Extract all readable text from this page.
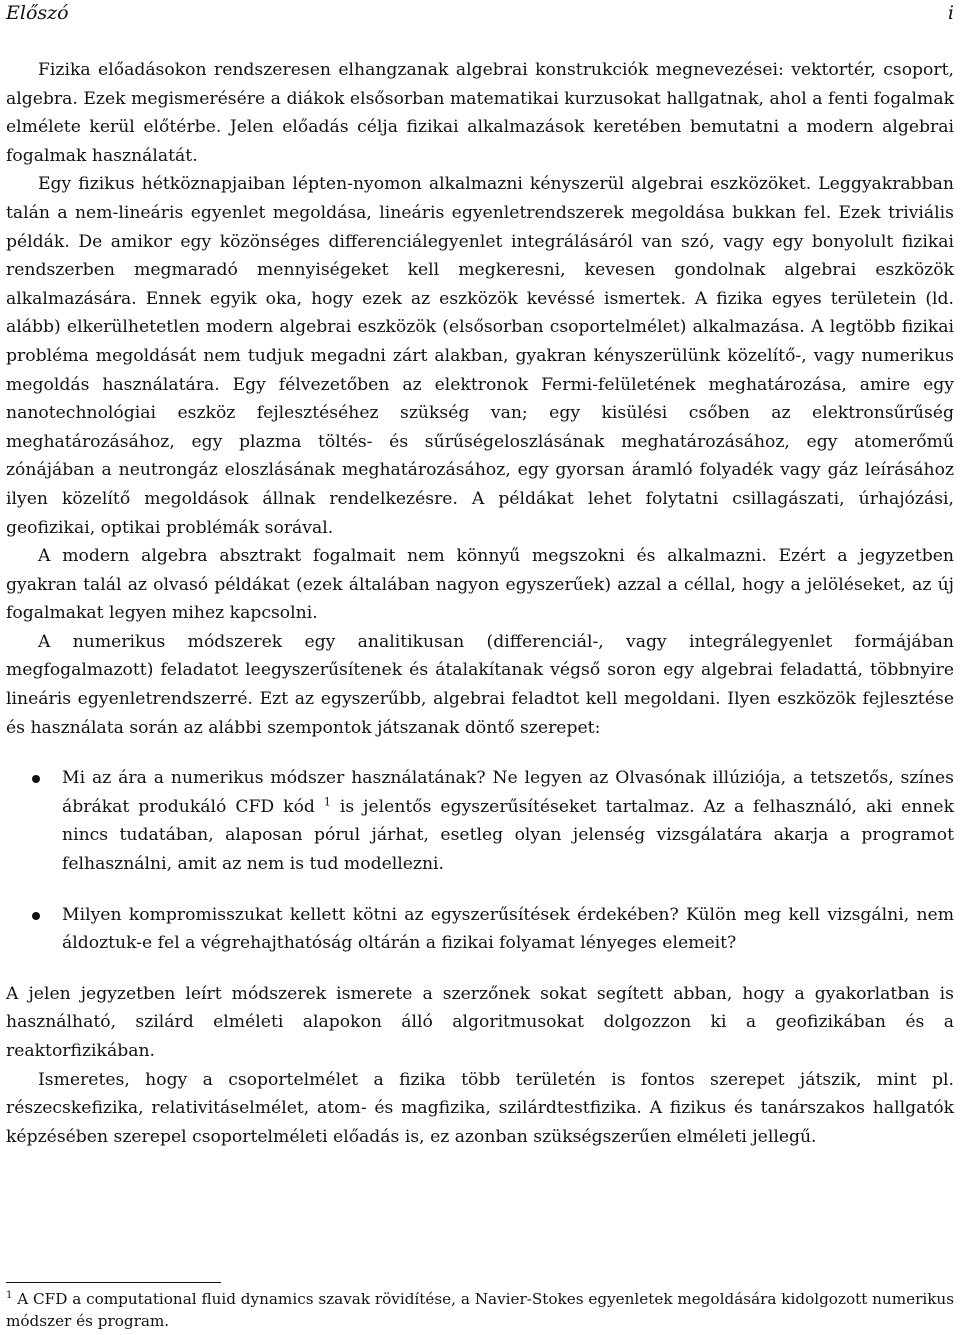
Előszó	i

Fizika előadásokon rendszeresen elhangzanak algebrai konstrukciók megnevezései: vektortér, csoport, algebra. Ezek megismerésére a diákok elsősorban matematikai kurzusokat hallgatnak, ahol a fenti fogalmak elmélete kerül előtérbe. Jelen előadás célja fizikai alkalmazások keretében bemutatni a modern algebrai fogalmak használatát.

Egy fizikus hétköznapjaiban lépten-nyomon alkalmazni kényszerül algebrai eszközöket. Leggyakrabban talán a nem-lineáris egyenlet megoldása, lineáris egyenletrendszerek megoldása bukkan fel. Ezek triviális példák. De amikor egy közönséges differenciálegyenlet integrálásáról van szó, vagy egy bonyolult fizikai rendszerben megmaradó mennyiségeket kell megkeresni, kevesen gondolnak algebrai eszközök alkalmazására. Ennek egyik oka, hogy ezek az eszközök kevéssé ismertek. A fizika egyes területein (ld. alább) elkerülhetetlen modern algebrai eszközök (elsősorban csoportelmélet) alkalmazása. A legtöbb fizikai probléma megoldását nem tudjuk megadni zárt alakban, gyakran kényszerülünk közelítő-, vagy numerikus megoldás használatára. Egy félvezetőben az elektronok Fermi-felületének meghatározása, amire egy nanotechnológiai eszköz fejlesztéséhez szükség van; egy kisülési csőben az elektronsűrűség meghatározásához, egy plazma töltés- és sűrűségeloszlásának meghatározásához, egy atomerőmű zónájában a neutrongáz eloszlásának meghatározásához, egy gyorsan áramló folyadék vagy gáz leírásához ilyen közelítő megoldások állnak rendelkezésre. A példákat lehet folytatni csillagászati, úrhajózási, geofizikai, optikai problémák sorával.

A modern algebra absztrakt fogalmait nem könnyű megszokni és alkalmazni. Ezért a jegyzetben gyakran talál az olvasó példákat (ezek általában nagyon egyszerűek) azzal a céllal, hogy a jelöléseket, az új fogalmakat legyen mihez kapcsolni.

A numerikus módszerek egy analitikusan (differenciál-, vagy integrálegyenlet formájában megfogalmazott) feladatot leegyszerűsítenek és átalakítanak végső soron egy algebrai feladattá, többnyire lineáris egyenletrendszerré. Ezt az egyszerűbb, algebrai feladtot kell megoldani. Ilyen eszközök fejlesztése és használata során az alábbi szempontok játszanak döntő szerepet:

Mi az ára a numerikus módszer használatának? Ne legyen az Olvasónak illúziója, a tetszetős, színes ábrákat produkáló CFD kód $^1$ is jelentős egyszerűsítéseket tartalmaz. Az a felhasználó, aki ennek nincs tudatában, alaposan pórul járhat, esetleg olyan jelenség vizsgálatára akarja a programot felhasználni, amit az nem is tud modellezni.
Milyen kompromisszukat kellett kötni az egyszerűsítések érdekében? Külön meg kell vizsgálni, nem áldoztuk-e fel a végrehajthatóság oltárán a fizikai folyamat lényeges elemeit?

A jelen jegyzetben leírt módszerek ismerete a szerzőnek sokat segített abban, hogy a gyakorlatban is használható, szilárd elméleti alapokon álló algoritmusokat dolgozzon ki a geofizikában és a reaktorfizikában.

Ismeretes, hogy a csoportelmélet a fizika több területén is fontos szerepet játszik, mint pl. részecskefizika, relativitáselmélet, atom- és magfizika, szilárdtestfizika. A fizikus és tanárszakos hallgatók képzésében szerepel csoportelméleti előadás is, ez azonban szükségszerűen elméleti jellegű.

$^1$ A CFD a computational fluid dynamics szavak rövidítése, a Navier-Stokes egyenletek megoldására kidolgozott numerikus módszer és program.
